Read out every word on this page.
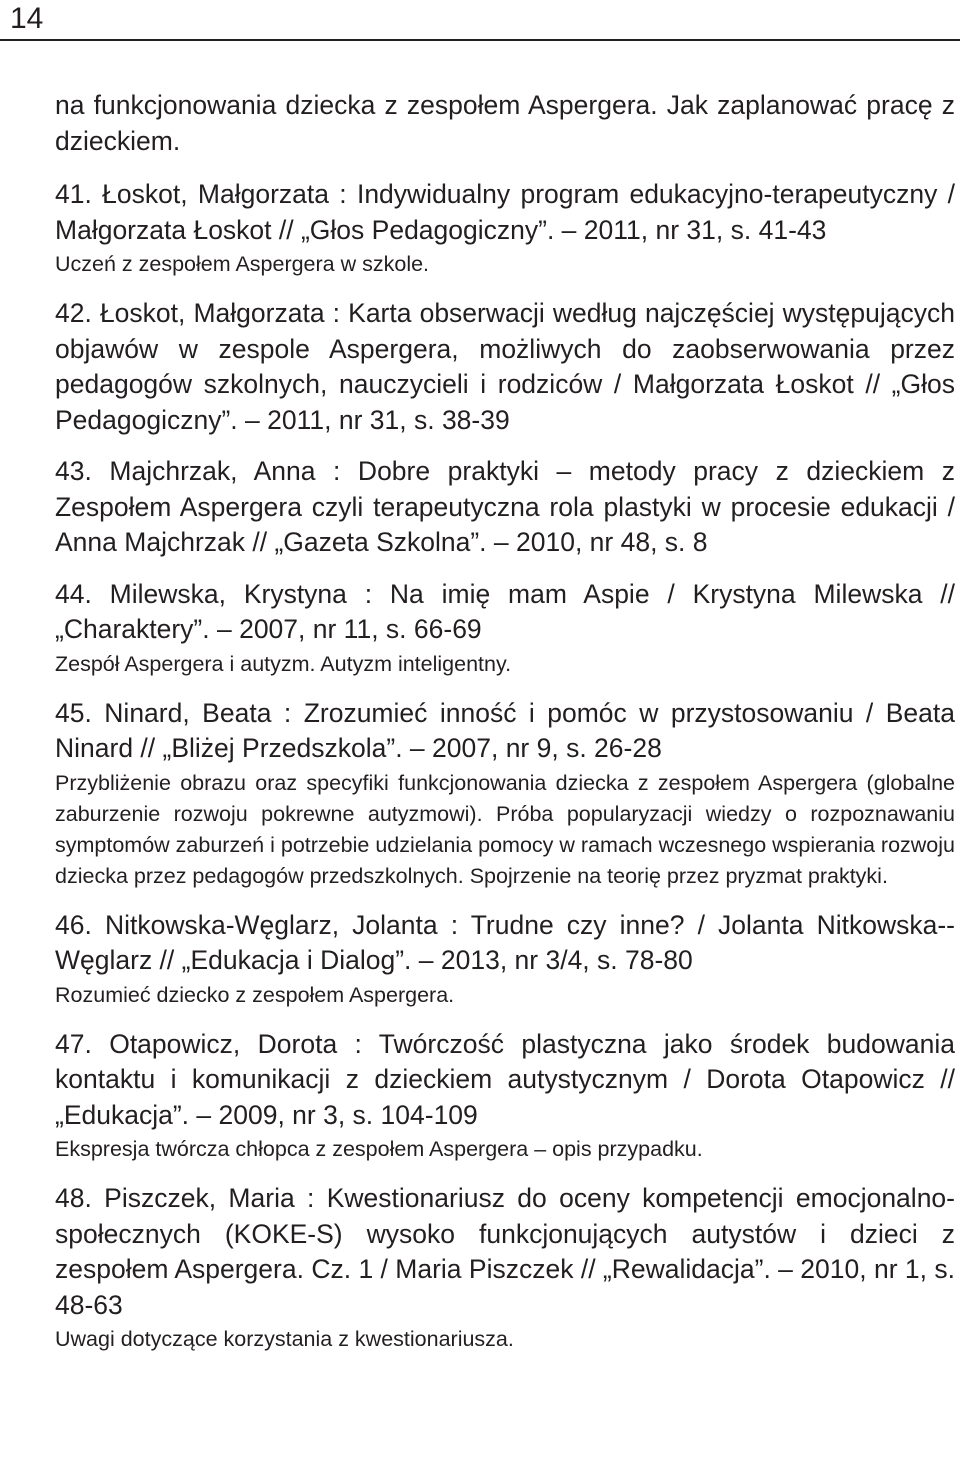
14

na funkcjonowania dziecka z zespołem Aspergera. Jak zaplanować pracę z dzieckiem.

41. Łoskot, Małgorzata : Indywidualny program edukacyjno-terapeutyczny / Małgorzata Łoskot // „Głos Pedagogiczny”. – 2011, nr 31, s. 41-43

Uczeń z zespołem Aspergera w szkole.

42. Łoskot, Małgorzata : Karta obserwacji według najczęściej występujących objawów w zespole Aspergera, możliwych do zaobserwowania przez pedagogów szkolnych, nauczycieli i rodziców / Małgorzata Łoskot // „Głos Pedagogiczny”. – 2011, nr 31, s. 38-39

43. Majchrzak, Anna : Dobre praktyki – metody pracy z dzieckiem z Zespołem Aspergera czyli terapeutyczna rola plastyki w procesie edukacji / Anna Majchrzak // „Gazeta Szkolna”. – 2010, nr 48, s. 8

44. Milewska, Krystyna : Na imię mam Aspie / Krystyna Milewska // „Charaktery”. – 2007, nr 11, s. 66-69

Zespół Aspergera i autyzm. Autyzm inteligentny.

45. Ninard, Beata : Zrozumieć inność i pomóc w przystosowaniu / Beata Ninard // „Bliżej Przedszkola”. – 2007, nr 9, s. 26-28

Przybliżenie obrazu oraz specyfiki funkcjonowania dziecka z zespołem Aspergera (globalne zaburzenie rozwoju pokrewne autyzmowi). Próba popularyzacji wiedzy o rozpoznawaniu symptomów zaburzeń i potrzebie udzielania pomocy w ramach wczesnego wspierania rozwoju dziecka przez pedagogów przedszkolnych. Spojrzenie na teorię przez pryzmat praktyki.

46. Nitkowska-Węglarz, Jolanta : Trudne czy inne? / Jolanta Nitkowska--Węglarz // „Edukacja i Dialog”. – 2013, nr 3/4, s. 78-80

Rozumieć dziecko z zespołem Aspergera.

47. Otapowicz, Dorota : Twórczość plastyczna jako środek budowania kontaktu i komunikacji z dzieckiem autystycznym / Dorota Otapowicz // „Edukacja”. – 2009, nr 3, s. 104-109

Ekspresja twórcza chłopca z zespołem Aspergera – opis przypadku.

48. Piszczek, Maria : Kwestionariusz do oceny kompetencji emocjonalno-społecznych (KOKE-S) wysoko funkcjonujących autystów i dzieci z zespołem Aspergera. Cz. 1 / Maria Piszczek // „Rewalidacja”. – 2010, nr 1, s. 48-63

Uwagi dotyczące korzystania z kwestionariusza.
